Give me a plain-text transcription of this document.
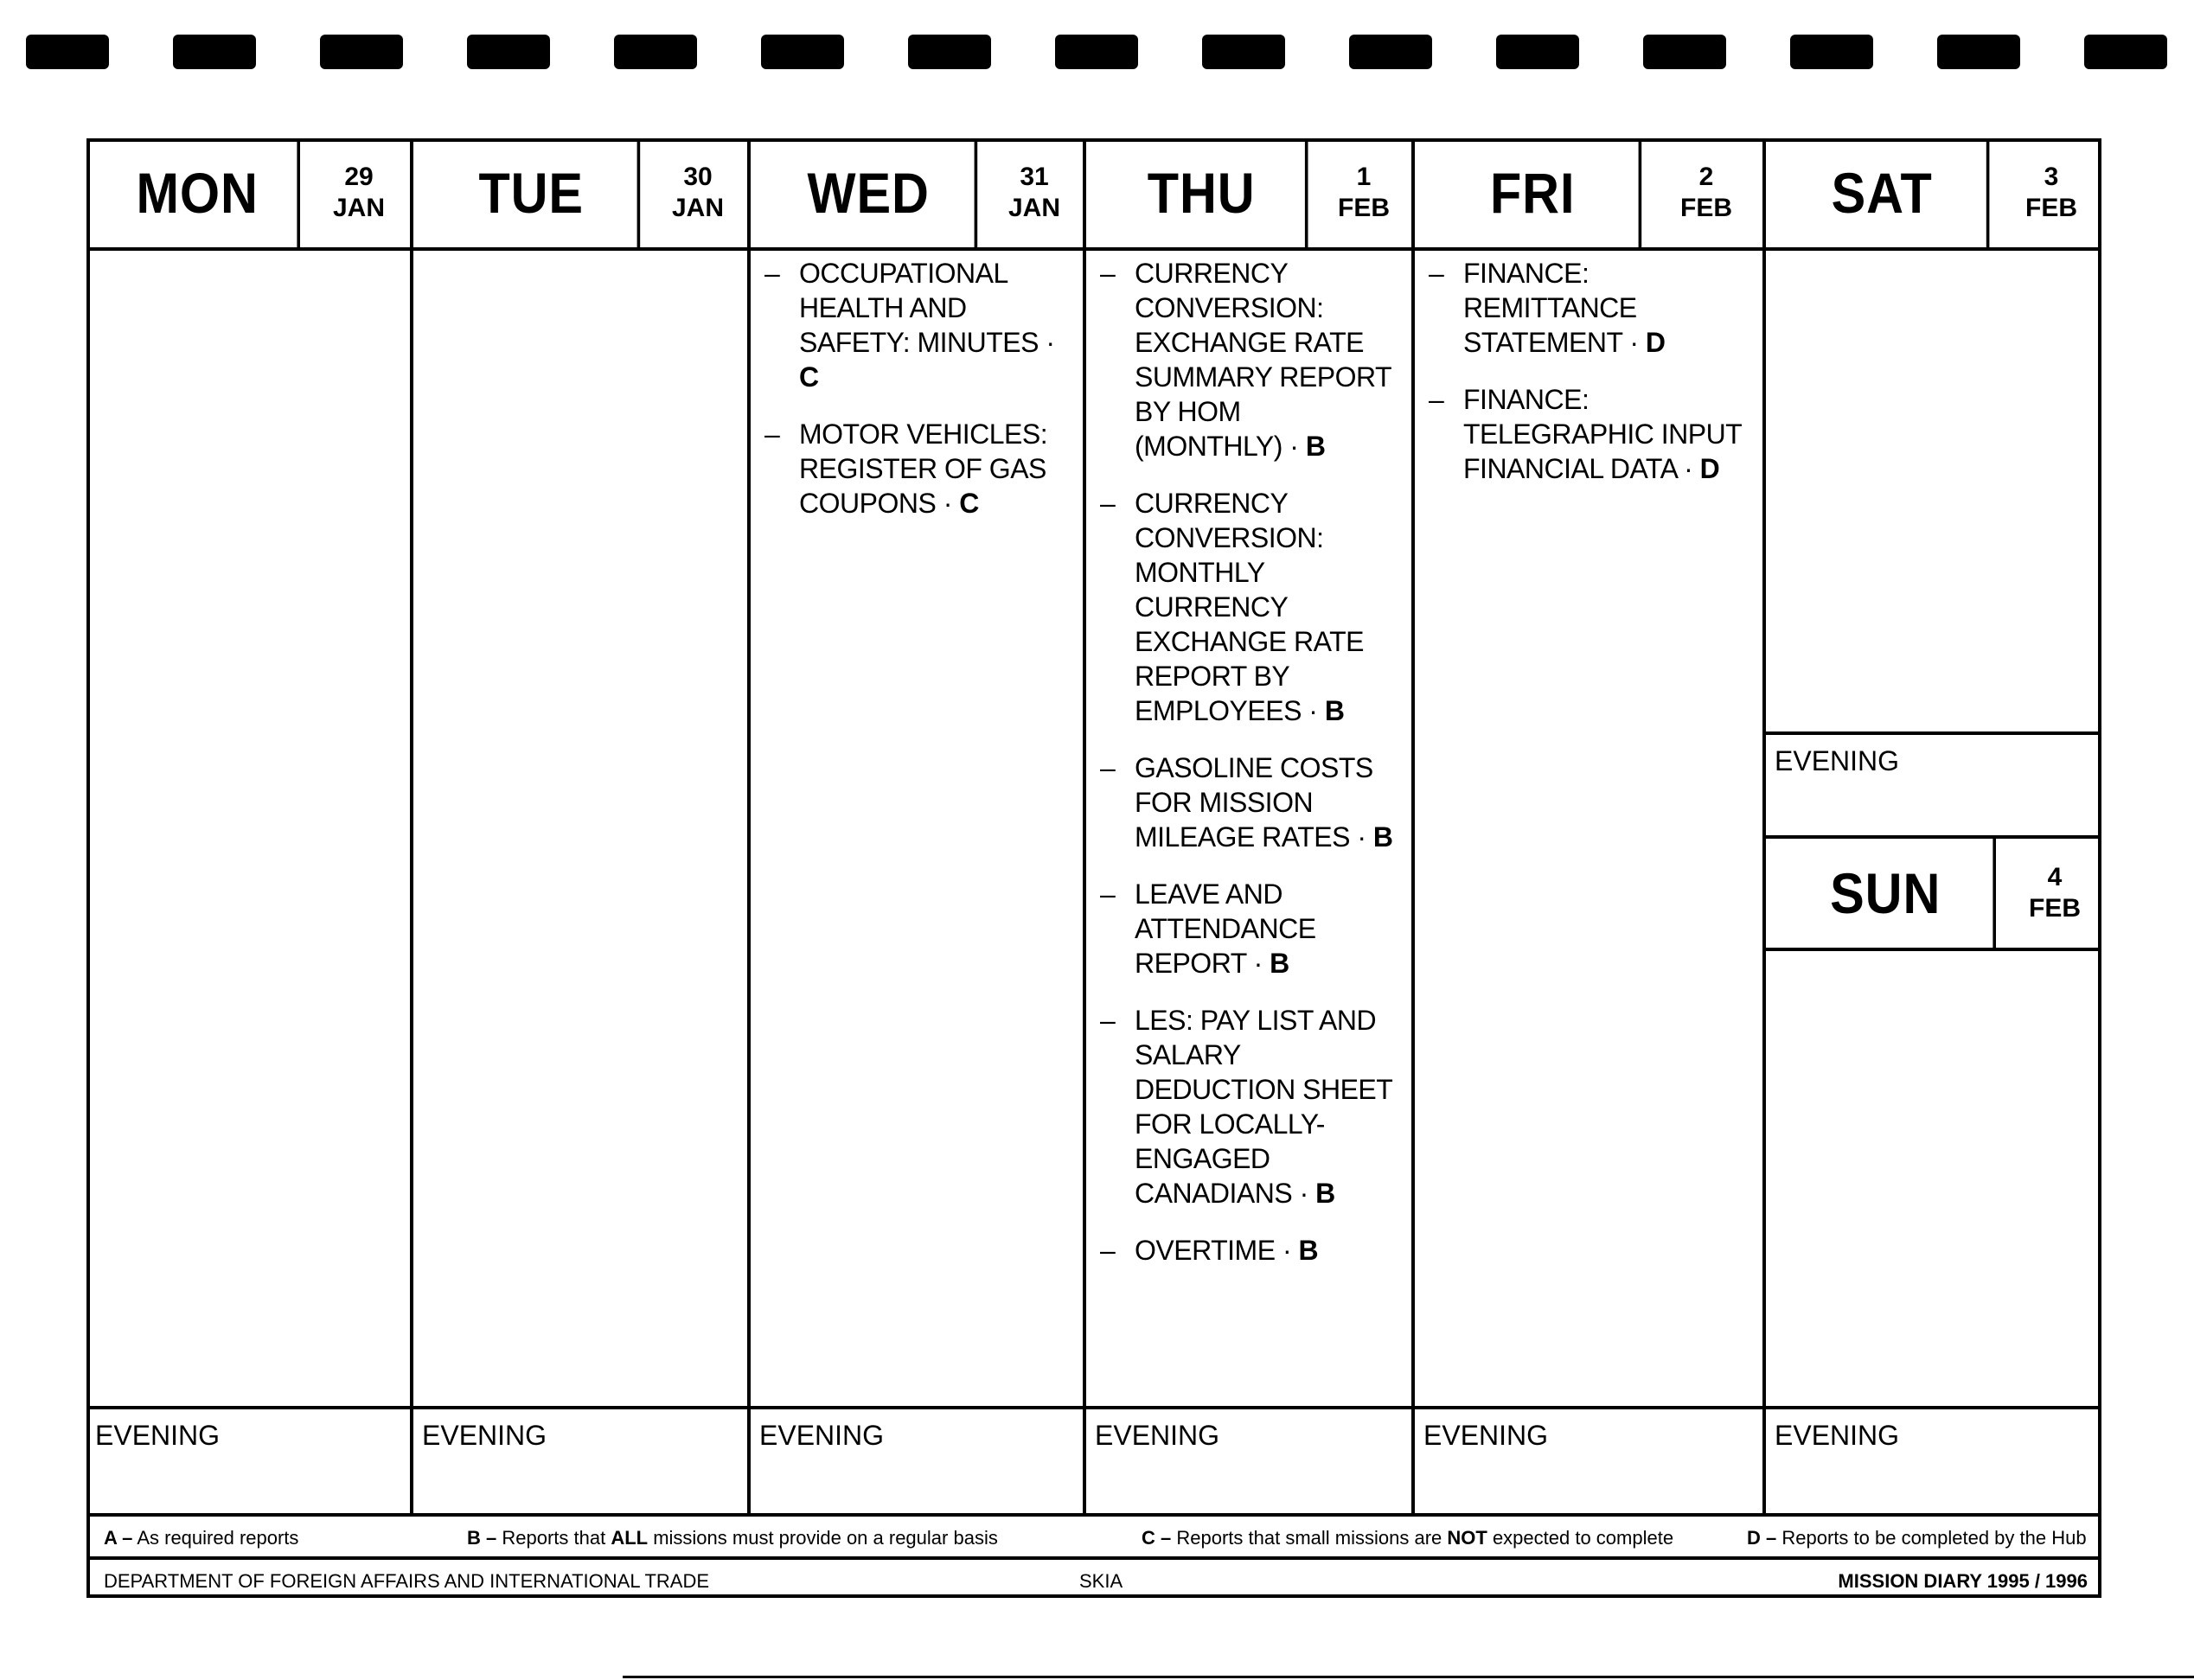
MON	29
JAN
EVENING
TUE	30
JAN
EVENING
WED	31
JAN
– OCCUPATIONAL HEALTH AND SAFETY: MINUTES · C
– MOTOR VEHICLES: REGISTER OF GAS COUPONS · C
EVENING
THU	1
FEB
– CURRENCY CONVERSION: EXCHANGE RATE SUMMARY REPORT BY HOM (MONTHLY) · B
– CURRENCY CONVERSION: MONTHLY CURRENCY EXCHANGE RATE REPORT BY EMPLOYEES · B
– GASOLINE COSTS FOR MISSION MILEAGE RATES · B
– LEAVE AND ATTENDANCE REPORT · B
– LES: PAY LIST AND SALARY DEDUCTION SHEET FOR LOCALLY-ENGAGED CANADIANS · B
– OVERTIME · B
EVENING
FRI	2
FEB
– FINANCE: REMITTANCE STATEMENT · D
– FINANCE: TELEGRAPHIC INPUT FINANCIAL DATA · D
EVENING
SAT	3
FEB
EVENING
SUN	4
FEB
EVENING
A – As required reports	B – Reports that ALL missions must provide on a regular basis	C – Reports that small missions are NOT expected to complete	D – Reports to be completed by the Hub
DEPARTMENT OF FOREIGN AFFAIRS AND INTERNATIONAL TRADE	SKIA	MISSION DIARY 1995 / 1996
